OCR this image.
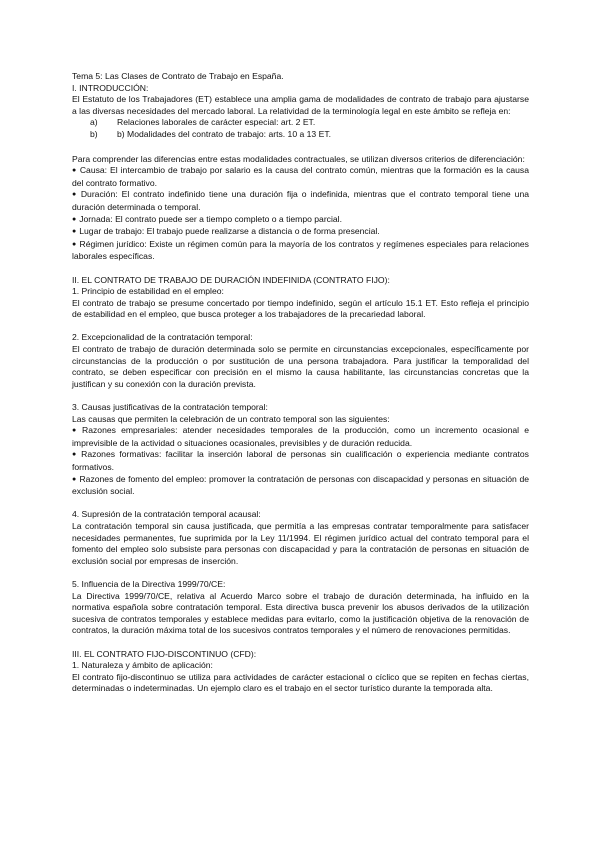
Tema 5: Las Clases de Contrato de Trabajo en España.

I. INTRODUCCIÓN:

El Estatuto de los Trabajadores (ET) establece una amplia gama de modalidades de contrato de trabajo para ajustarse a las diversas necesidades del mercado laboral. La relatividad de la terminología legal en este ámbito se refleja en:

a)	Relaciones laborales de carácter especial: art. 2 ET.
b)	b) Modalidades del contrato de trabajo: arts. 10 a 13 ET.

Para comprender las diferencias entre estas modalidades contractuales, se utilizan diversos criterios de diferenciación:

● Causa: El intercambio de trabajo por salario es la causa del contrato común, mientras que la formación es la causa del contrato formativo.

● Duración: El contrato indefinido tiene una duración fija o indefinida, mientras que el contrato temporal tiene una duración determinada o temporal.

● Jornada: El contrato puede ser a tiempo completo o a tiempo parcial.

● Lugar de trabajo: El trabajo puede realizarse a distancia o de forma presencial.

● Régimen jurídico: Existe un régimen común para la mayoría de los contratos y regímenes especiales para relaciones laborales específicas.

II. EL CONTRATO DE TRABAJO DE DURACIÓN INDEFINIDA (CONTRATO FIJO):

1. Principio de estabilidad en el empleo:

El contrato de trabajo se presume concertado por tiempo indefinido, según el artículo 15.1 ET. Esto refleja el principio de estabilidad en el empleo, que busca proteger a los trabajadores de la precariedad laboral.

2. Excepcionalidad de la contratación temporal:

El contrato de trabajo de duración determinada solo se permite en circunstancias excepcionales, específicamente por circunstancias de la producción o por sustitución de una persona trabajadora. Para justificar la temporalidad del contrato, se deben especificar con precisión en el mismo la causa habilitante, las circunstancias concretas que la justifican y su conexión con la duración prevista.

3. Causas justificativas de la contratación temporal:

Las causas que permiten la celebración de un contrato temporal son las siguientes:

● Razones empresariales: atender necesidades temporales de la producción, como un incremento ocasional e imprevisible de la actividad o situaciones ocasionales, previsibles y de duración reducida.

● Razones formativas: facilitar la inserción laboral de personas sin cualificación o experiencia mediante contratos formativos.

● Razones de fomento del empleo: promover la contratación de personas con discapacidad y personas en situación de exclusión social.

4. Supresión de la contratación temporal acausal:

La contratación temporal sin causa justificada, que permitía a las empresas contratar temporalmente para satisfacer necesidades permanentes, fue suprimida por la Ley 11/1994. El régimen jurídico actual del contrato temporal para el fomento del empleo solo subsiste para personas con discapacidad y para la contratación de personas en situación de exclusión social por empresas de inserción.

5. Influencia de la Directiva 1999/70/CE:

La Directiva 1999/70/CE, relativa al Acuerdo Marco sobre el trabajo de duración determinada, ha influido en la normativa española sobre contratación temporal. Esta directiva busca prevenir los abusos derivados de la utilización sucesiva de contratos temporales y establece medidas para evitarlo, como la justificación objetiva de la renovación de contratos, la duración máxima total de los sucesivos contratos temporales y el número de renovaciones permitidas.

III. EL CONTRATO FIJO-DISCONTINUO (CFD):

1. Naturaleza y ámbito de aplicación:

El contrato fijo-discontinuo se utiliza para actividades de carácter estacional o cíclico que se repiten en fechas ciertas, determinadas o indeterminadas. Un ejemplo claro es el trabajo en el sector turístico durante la temporada alta.
